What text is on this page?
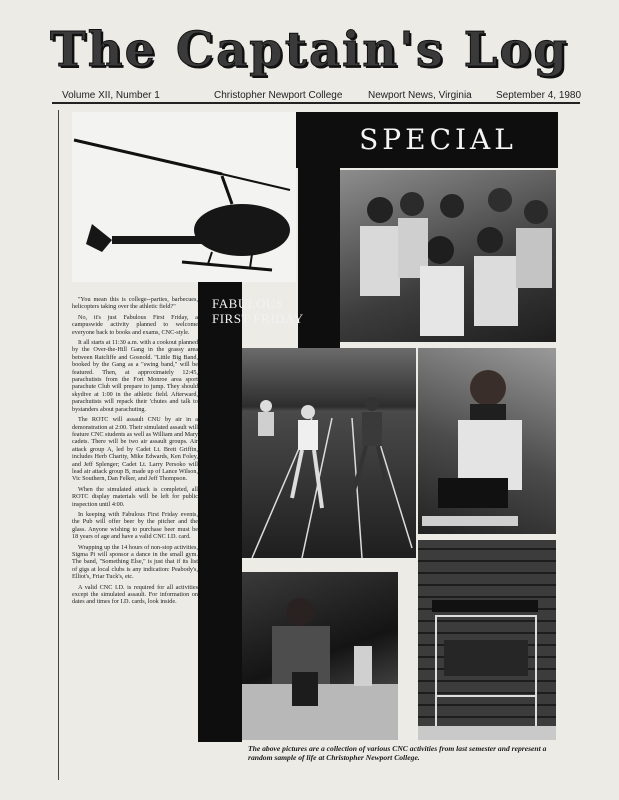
The Captain's Log
Volume XII, Number 1	Christopher Newport College	Newport News, Virginia September 4, 1980
SPECIAL
FABULOUS
FIRST FRIDAY

"You mean this is college--parties, barbecues, helicopters taking over the athletic field?"

No, it's just Fabulous First Friday, a campuswide activity planned to welcome everyone back to books and exams, CNC-style.

It all starts at 11:30 a.m. with a cookout planned by the Over-the-Hill Gang in the grassy area between Ratcliffe and Gosnold. "Little Big Band, booked by the Gang as a "swing band," will be featured. Then, at approximately 12:45, parachutists from the Fort Monroe area sport parachute Club will prepare to jump. They should skydive at 1:00 in the athletic field. Afterward, parachutists will repack their 'chutes and talk to bystanders about parachuting.

The ROTC will assault CNU by air in a demonstration at 2:00. Their simulated assault will feature CNC students as well as William and Mary cadets. There will be two air assault groups. Air attack group A, led by Cadet Lt. Brett Griffin, includes Herb Charity, Mike Edwards, Ken Foley, and Jeff Splenger; Cadet Lt. Larry Persoko will lead air attack group B, made up of Lance Wilson, Vic Southern, Dan Felker, and Jeff Thompson.

When the simulated attack is completed, all ROTC display materials will be left for public inspection until 4:00.

In keeping with Fabulous First Friday events, the Pub will offer beer by the pitcher and the glass. Anyone wishing to purchase beer must be 18 years of age and have a valid CNC I.D. card.

Wrapping up the 14 hours of non-stop activities, Sigma Pi will sponsor a dance in the small gym. The band, "Something Else," is just that if its list of gigs at local clubs is any indication: Peabody's, Elliot's, Friar Tuck's, etc.

A valid CNC I.D. is required for all activities except the simulated assault. For information on dates and times for I.D. cards, look inside.

The above pictures are a collection of various CNC activities from last semester and represent a random sample of life at Christopher Newport College.
